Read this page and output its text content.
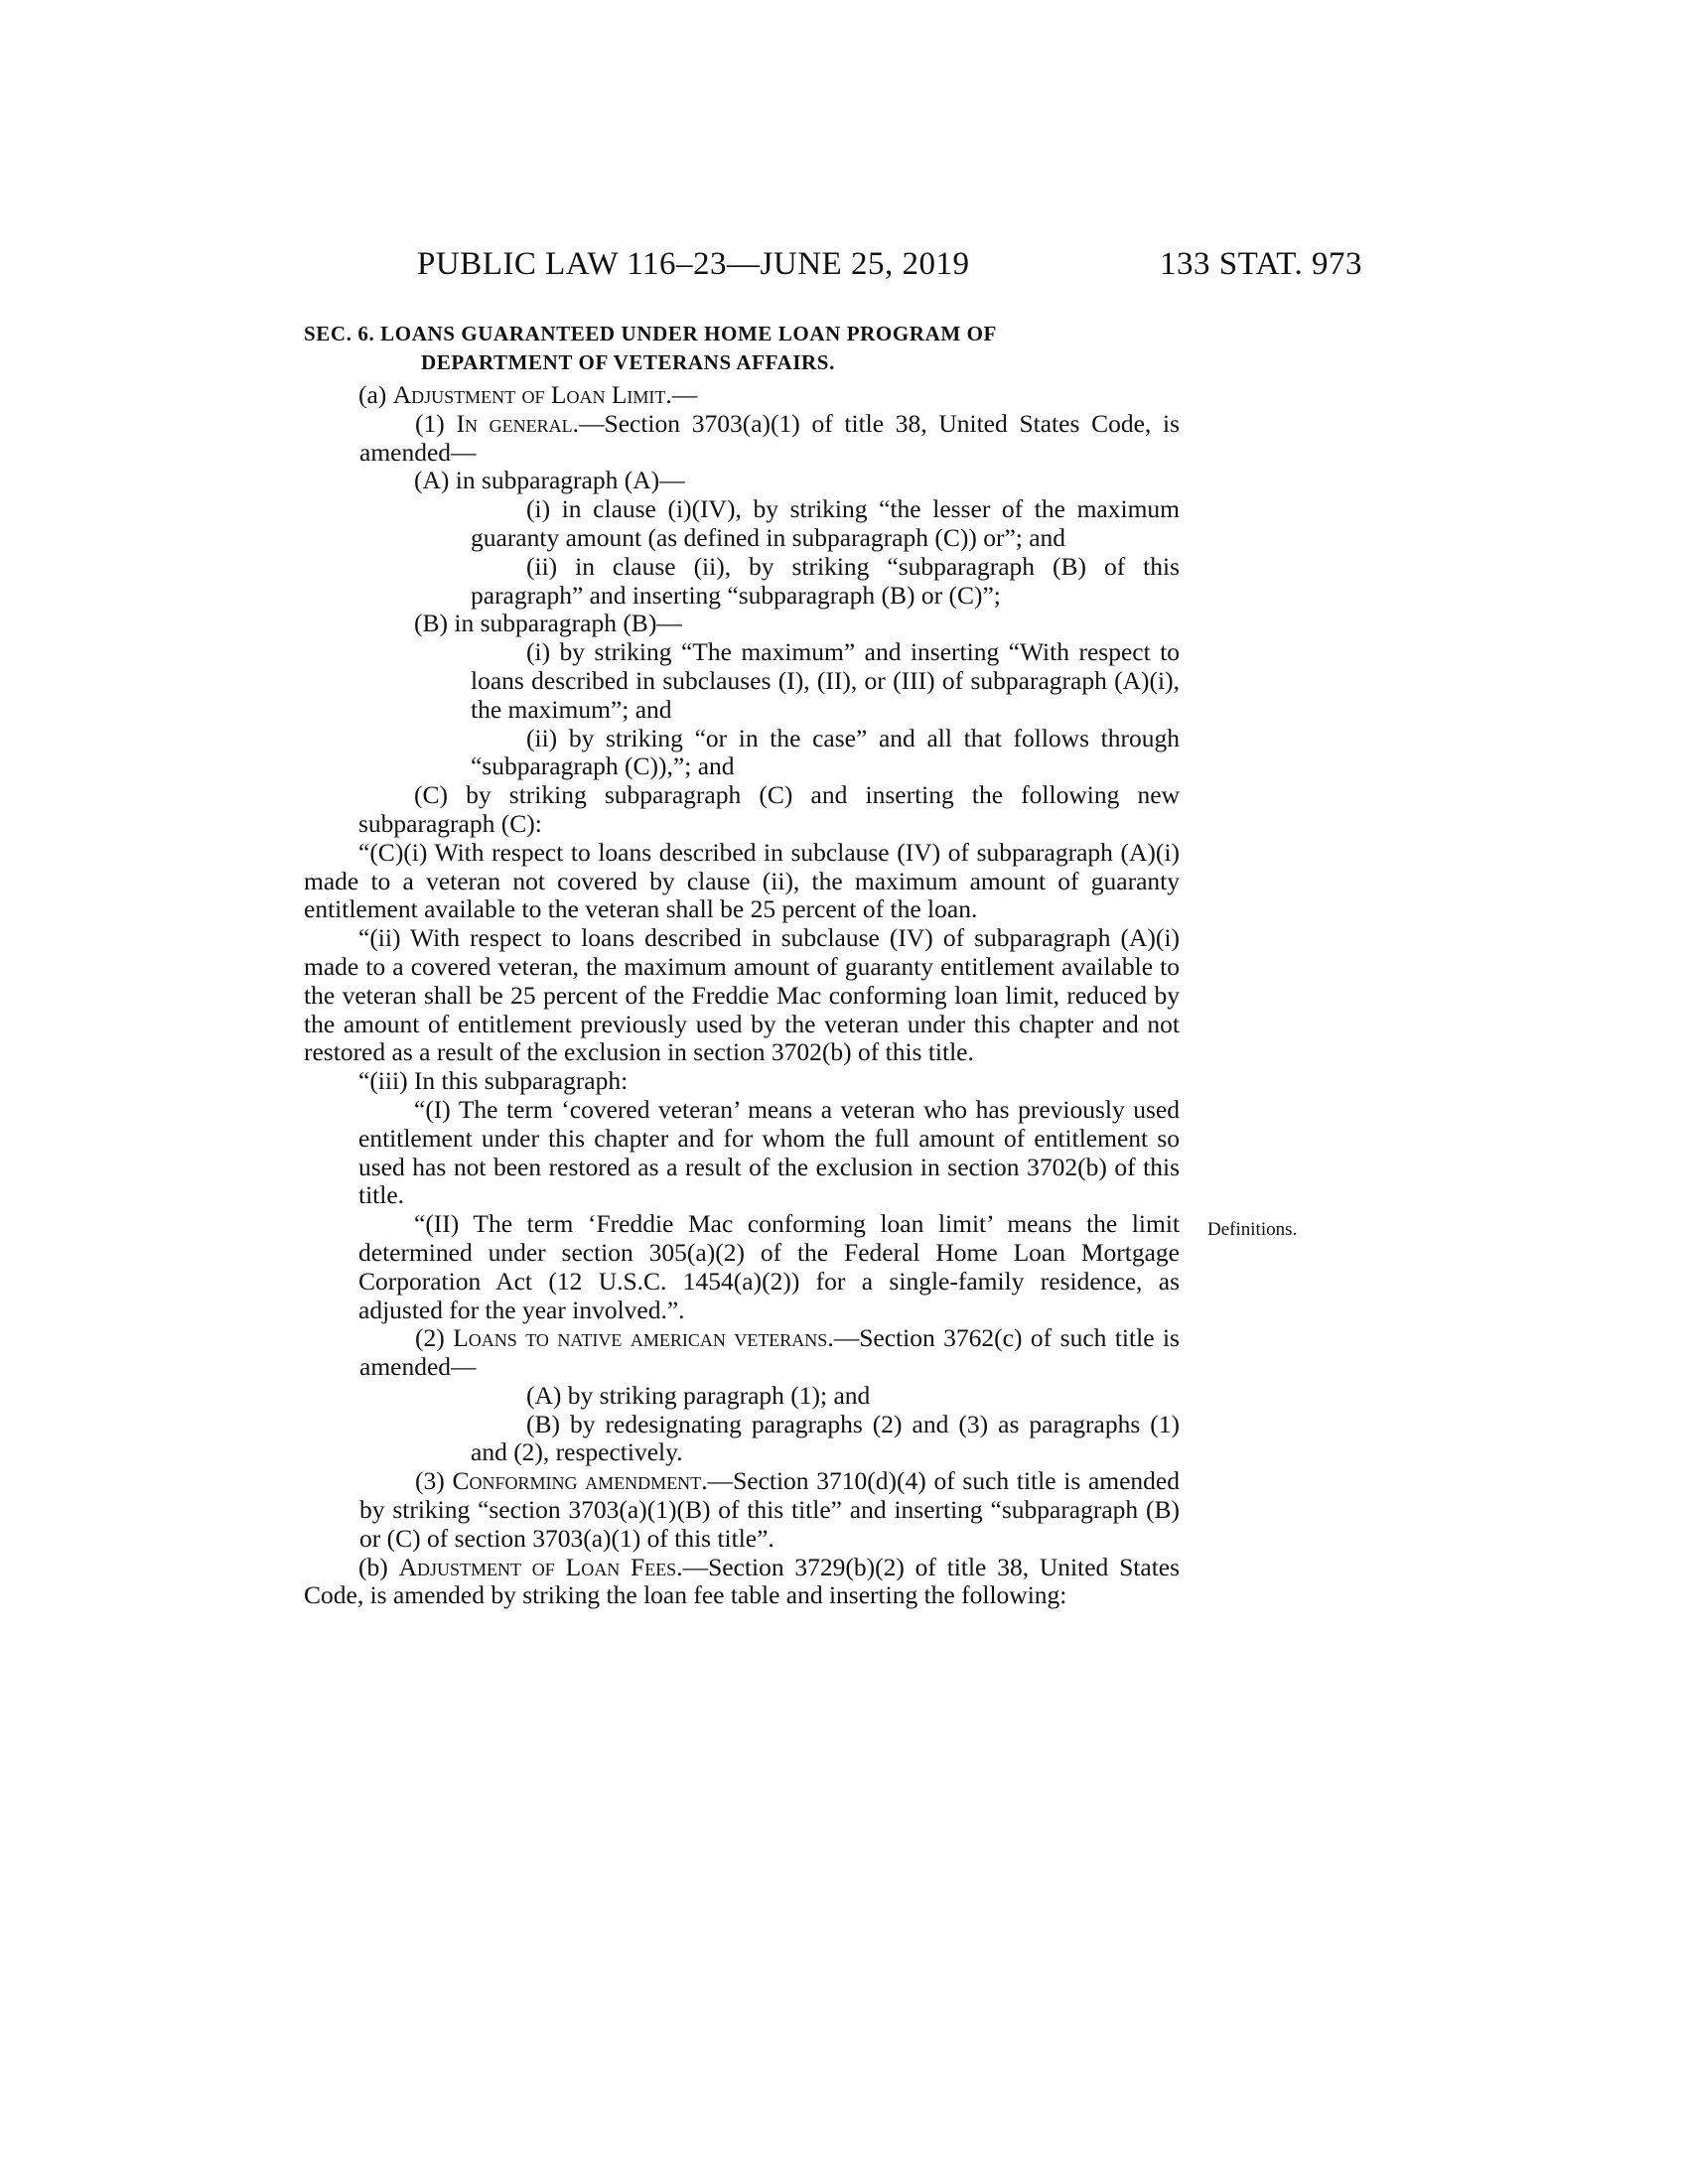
PUBLIC LAW 116–23—JUNE 25, 2019	133 STAT. 973
SEC. 6. LOANS GUARANTEED UNDER HOME LOAN PROGRAM OF
DEPARTMENT OF VETERANS AFFAIRS.
Definitions.

(a) Adjustment of Loan Limit.—

(1) In general.—Section 3703(a)(1) of title 38, United States Code, is amended—

(A) in subparagraph (A)—

(i) in clause (i)(IV), by striking “the lesser of the maximum guaranty amount (as defined in subparagraph (C)) or”; and

(ii) in clause (ii), by striking “subparagraph (B) of this paragraph” and inserting “subparagraph (B) or (C)”;

(B) in subparagraph (B)—

(i) by striking “The maximum” and inserting “With respect to loans described in subclauses (I), (II), or (III) of subparagraph (A)(i), the maximum”; and

(ii) by striking “or in the case” and all that follows through “subparagraph (C)),”; and

(C) by striking subparagraph (C) and inserting the following new subparagraph (C):

“(C)(i) With respect to loans described in subclause (IV) of subparagraph (A)(i) made to a veteran not covered by clause (ii), the maximum amount of guaranty entitlement available to the veteran shall be 25 percent of the loan.

“(ii) With respect to loans described in subclause (IV) of subparagraph (A)(i) made to a covered veteran, the maximum amount of guaranty entitlement available to the veteran shall be 25 percent of the Freddie Mac conforming loan limit, reduced by the amount of entitlement previously used by the veteran under this chapter and not restored as a result of the exclusion in section 3702(b) of this title.

“(iii) In this subparagraph:

“(I) The term ‘covered veteran’ means a veteran who has previously used entitlement under this chapter and for whom the full amount of entitlement so used has not been restored as a result of the exclusion in section 3702(b) of this title.

“(II) The term ‘Freddie Mac conforming loan limit’ means the limit determined under section 305(a)(2) of the Federal Home Loan Mortgage Corporation Act (12 U.S.C. 1454(a)(2)) for a single-family residence, as adjusted for the year involved.”.

(2) Loans to native american veterans.—Section 3762(c) of such title is amended—

(A) by striking paragraph (1); and

(B) by redesignating paragraphs (2) and (3) as paragraphs (1) and (2), respectively.

(3) Conforming amendment.—Section 3710(d)(4) of such title is amended by striking “section 3703(a)(1)(B) of this title” and inserting “subparagraph (B) or (C) of section 3703(a)(1) of this title”.

(b) Adjustment of Loan Fees.—Section 3729(b)(2) of title 38, United States Code, is amended by striking the loan fee table and inserting the following:
